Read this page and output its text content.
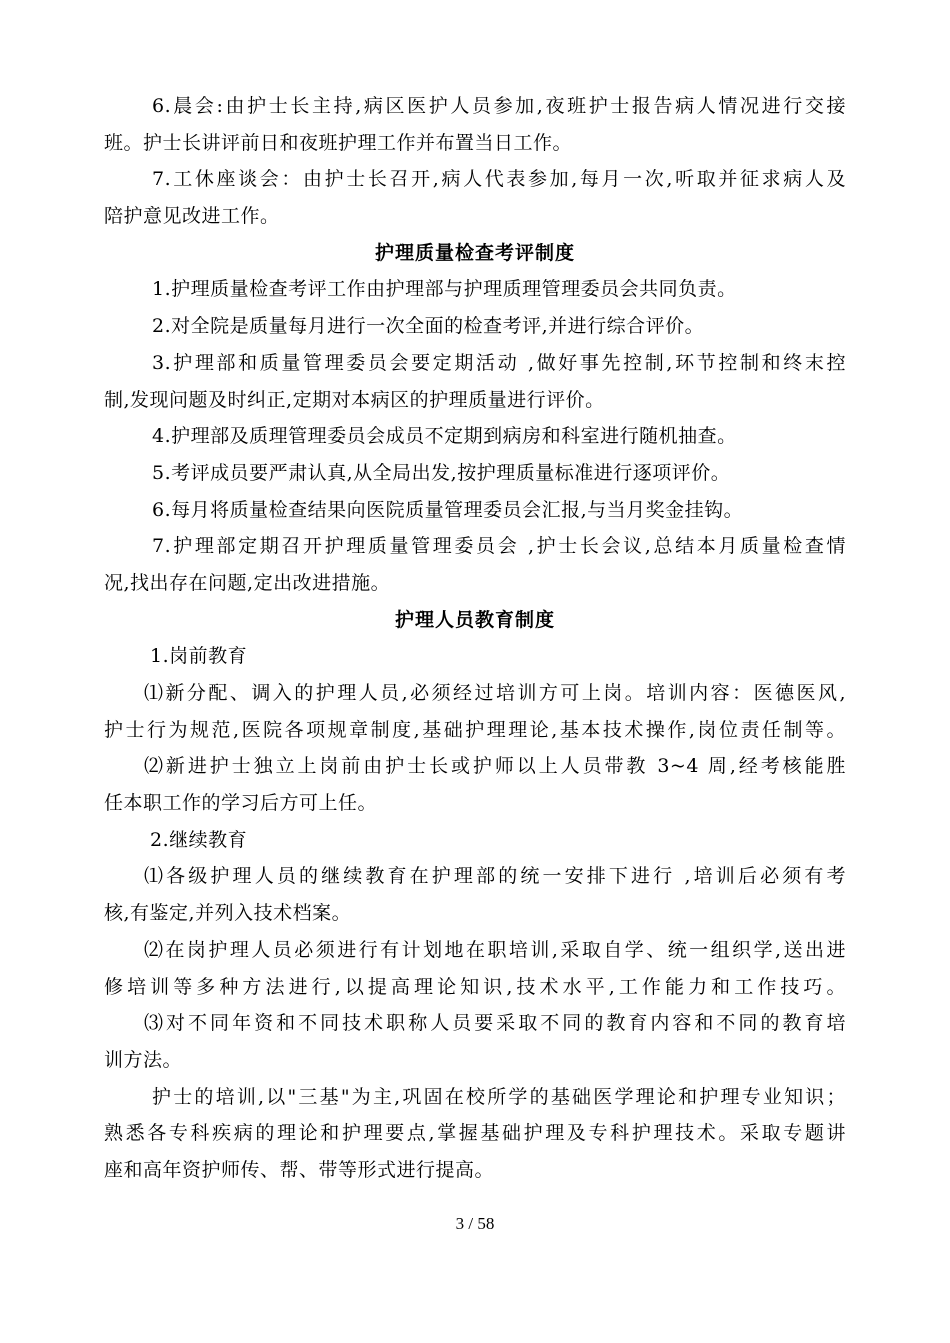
6.晨会:由护士长主持,病区医护人员参加,夜班护士报告病人情况进行交接
班。护士长讲评前日和夜班护理工作并布置当日工作。
7.工休座谈会：由护士长召开,病人代表参加,每月一次,听取并征求病人及
陪护意见改进工作。
护理质量检查考评制度
1.护理质量检查考评工作由护理部与护理质理管理委员会共同负责。
2.对全院是质量每月进行一次全面的检查考评,并进行综合评价。
3.护理部和质量管理委员会要定期活动 ,做好事先控制,环节控制和终末控
制,发现问题及时纠正,定期对本病区的护理质量进行评价。
4.护理部及质理管理委员会成员不定期到病房和科室进行随机抽查。
5.考评成员要严肃认真,从全局出发,按护理质量标准进行逐项评价。
6.每月将质量检查结果向医院质量管理委员会汇报,与当月奖金挂钩。
7.护理部定期召开护理质量管理委员会 ,护士长会议,总结本月质量检查情
况,找出存在问题,定出改进措施。
护理人员教育制度
1.岗前教育
⑴新分配、调入的护理人员,必须经过培训方可上岗。培训内容：医德医风,
护士行为规范,医院各项规章制度,基础护理理论,基本技术操作,岗位责任制等。
⑵新进护士独立上岗前由护士长或护师以上人员带教 3~4 周,经考核能胜
任本职工作的学习后方可上任。
2.继续教育
⑴各级护理人员的继续教育在护理部的统一安排下进行 ,培训后必须有考
核,有鉴定,并列入技术档案。
⑵在岗护理人员必须进行有计划地在职培训,采取自学、统一组织学,送出进
修培训等多种方法进行,以提高理论知识,技术水平,工作能力和工作技巧。
⑶对不同年资和不同技术职称人员要采取不同的教育内容和不同的教育培
训方法。
护士的培训,以"三基"为主,巩固在校所学的基础医学理论和护理专业知识；
熟悉各专科疾病的理论和护理要点,掌握基础护理及专科护理技术。采取专题讲
座和高年资护师传、帮、带等形式进行提高。
3 / 58
